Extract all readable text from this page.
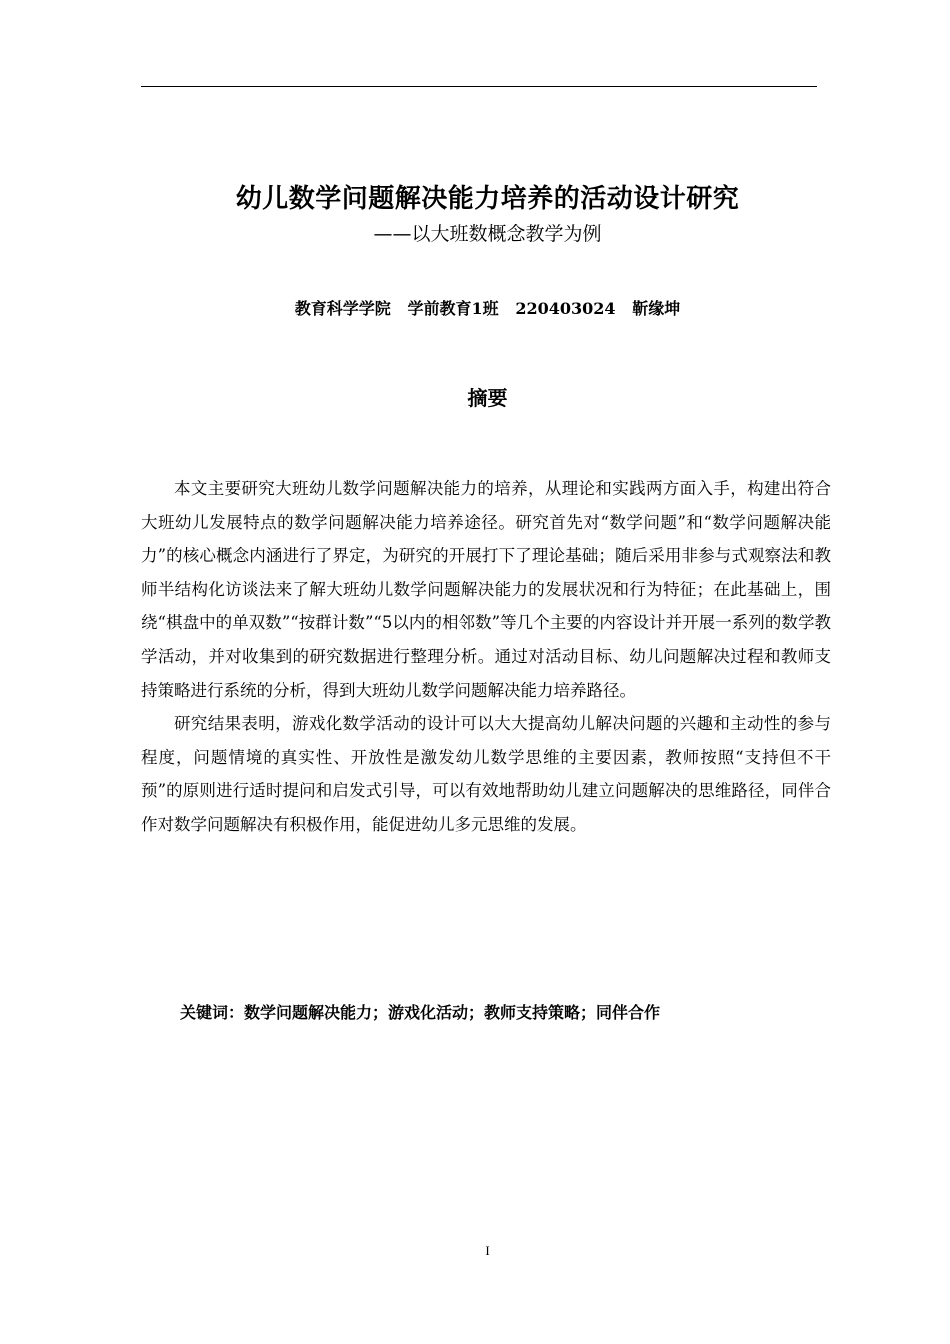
幼儿数学问题解决能力培养的活动设计研究
——以大班数概念教学为例
教育科学学院   学前教育1班   220403024   靳缘坤
摘要

本文主要研究大班幼儿数学问题解决能力的培养，从理论和实践两方面入手，构建出符合大班幼儿发展特点的数学问题解决能力培养途径。研究首先对“数学问题”和“数学问题解决能力”的核心概念内涵进行了界定，为研究的开展打下了理论基础；随后采用非参与式观察法和教师半结构化访谈法来了解大班幼儿数学问题解决能力的发展状况和行为特征；在此基础上，围绕“棋盘中的单双数”“按群计数”“5以内的相邻数”等几个主要的内容设计并开展一系列的数学教学活动，并对收集到的研究数据进行整理分析。通过对活动目标、幼儿问题解决过程和教师支持策略进行系统的分析，得到大班幼儿数学问题解决能力培养路径。

研究结果表明，游戏化数学活动的设计可以大大提高幼儿解决问题的兴趣和主动性的参与程度，问题情境的真实性、开放性是激发幼儿数学思维的主要因素，教师按照“支持但不干预”的原则进行适时提问和启发式引导，可以有效地帮助幼儿建立问题解决的思维路径，同伴合作对数学问题解决有积极作用，能促进幼儿多元思维的发展。

关键词：数学问题解决能力；游戏化活动；教师支持策略；同伴合作
I
